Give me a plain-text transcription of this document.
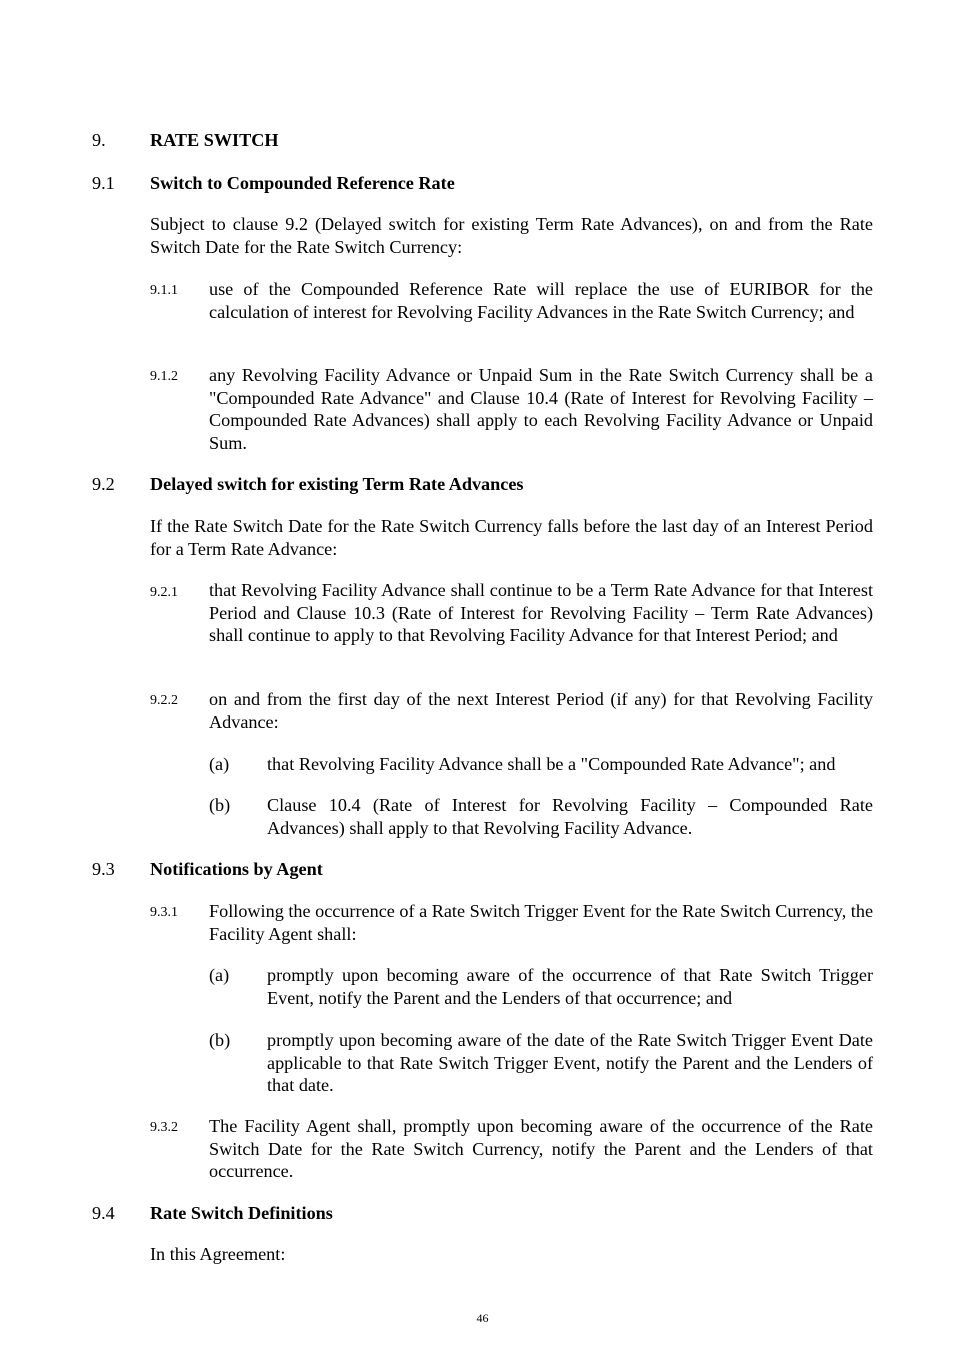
9. RATE SWITCH
9.1 Switch to Compounded Reference Rate
Subject to clause 9.2 (Delayed switch for existing Term Rate Advances), on and from the Rate Switch Date for the Rate Switch Currency:
9.1.1 use of the Compounded Reference Rate will replace the use of EURIBOR for the calculation of interest for Revolving Facility Advances in the Rate Switch Currency; and
9.1.2 any Revolving Facility Advance or Unpaid Sum in the Rate Switch Currency shall be a "Compounded Rate Advance" and Clause 10.4 (Rate of Interest for Revolving Facility – Compounded Rate Advances) shall apply to each Revolving Facility Advance or Unpaid Sum.
9.2 Delayed switch for existing Term Rate Advances
If the Rate Switch Date for the Rate Switch Currency falls before the last day of an Interest Period for a Term Rate Advance:
9.2.1 that Revolving Facility Advance shall continue to be a Term Rate Advance for that Interest Period and Clause 10.3 (Rate of Interest for Revolving Facility – Term Rate Advances) shall continue to apply to that Revolving Facility Advance for that Interest Period; and
9.2.2 on and from the first day of the next Interest Period (if any) for that Revolving Facility Advance:
(a) that Revolving Facility Advance shall be a "Compounded Rate Advance"; and
(b) Clause 10.4 (Rate of Interest for Revolving Facility – Compounded Rate Advances) shall apply to that Revolving Facility Advance.
9.3 Notifications by Agent
9.3.1 Following the occurrence of a Rate Switch Trigger Event for the Rate Switch Currency, the Facility Agent shall:
(a) promptly upon becoming aware of the occurrence of that Rate Switch Trigger Event, notify the Parent and the Lenders of that occurrence; and
(b) promptly upon becoming aware of the date of the Rate Switch Trigger Event Date applicable to that Rate Switch Trigger Event, notify the Parent and the Lenders of that date.
9.3.2 The Facility Agent shall, promptly upon becoming aware of the occurrence of the Rate Switch Date for the Rate Switch Currency, notify the Parent and the Lenders of that occurrence.
9.4 Rate Switch Definitions
In this Agreement:
46
